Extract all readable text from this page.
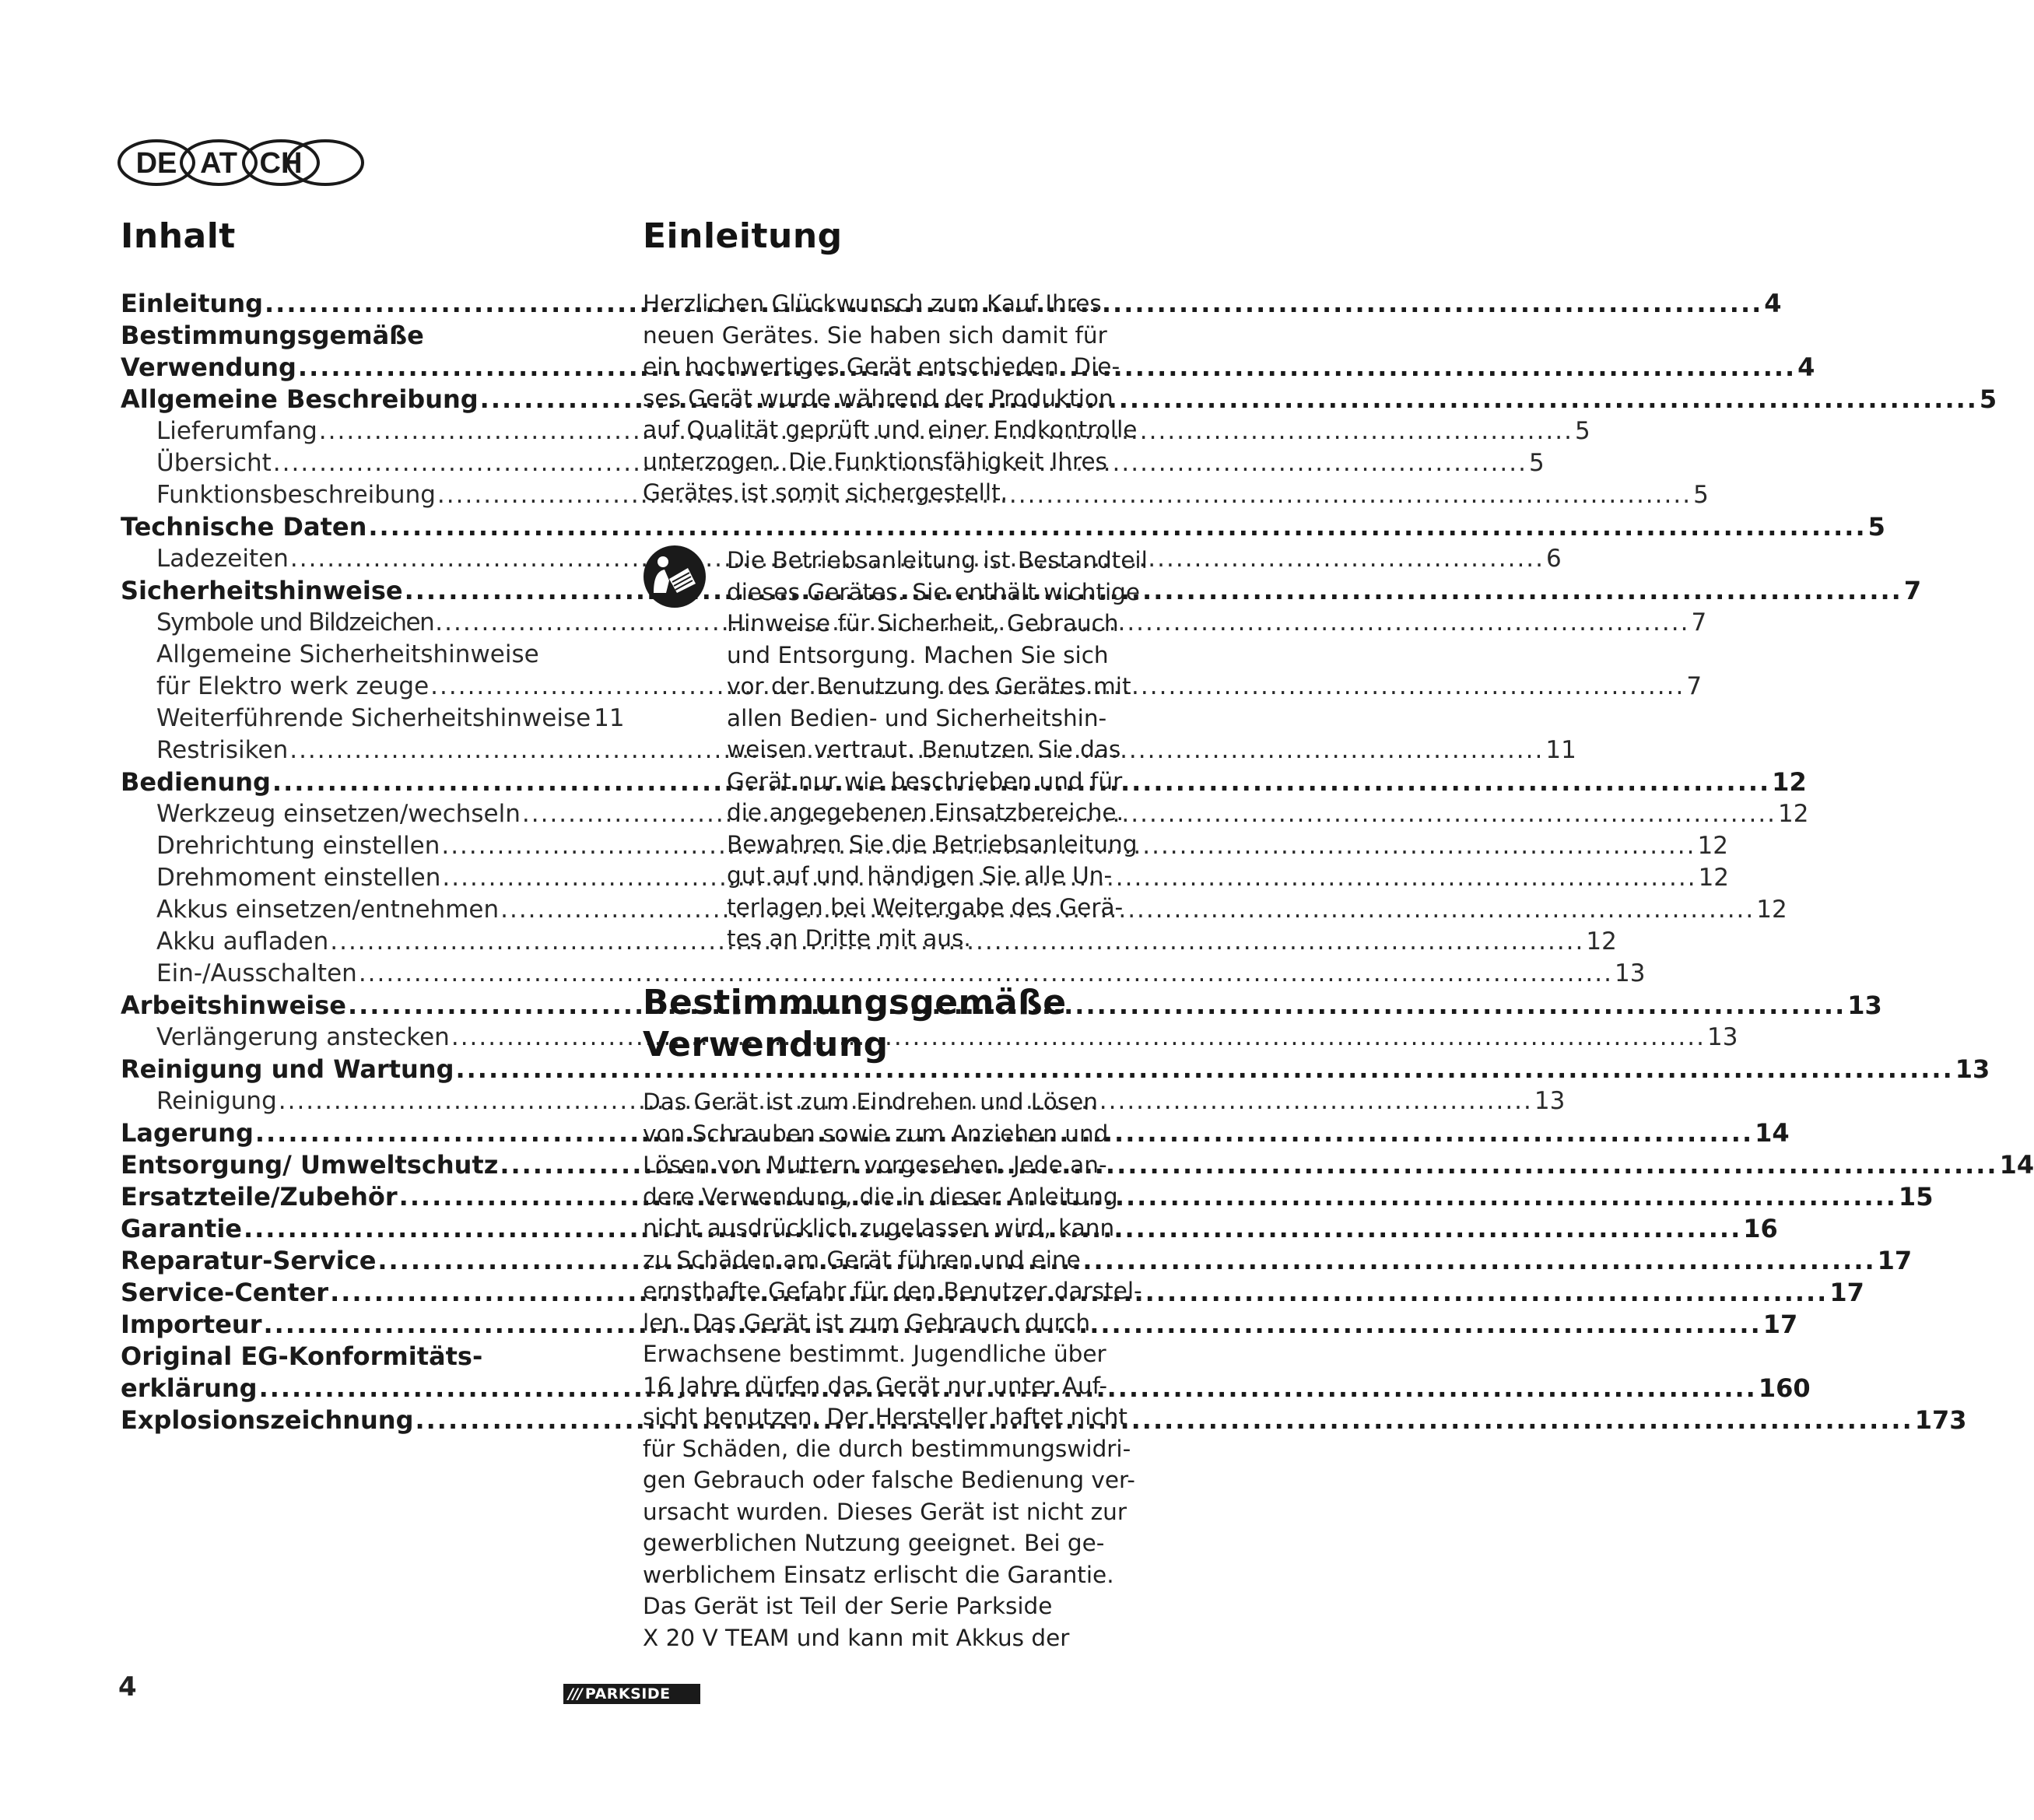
DE AT CH
Inhalt
Einleitung .....	4
Bestimmungsgemäße
Verwendung .....	4
Allgemeine Beschreibung .....	5
Lieferumfang .....	5
Übersicht .....	5
Funktionsbeschreibung .....	5
Technische Daten .....	5
Ladezeiten .....	6
Sicherheitshinweise .....	7
Symbole und Bildzeichen .....	7
Allgemeine Sicherheitshinweise
für Elektro werk zeuge .....	7
Weiterführende Sicherheitshinweise 11
Restrisiken .....	11
Bedienung .....	12
Werkzeug einsetzen/wechseln .....	12
Drehrichtung einstellen .....	12
Drehmoment einstellen .....	12
Akkus einsetzen/entnehmen .....	12
Akku aufladen .....	12
Ein-/Ausschalten .....	13
Arbeitshinweise .....	13
Verlängerung anstecken .....	13
Reinigung und Wartung .....	13
Reinigung .....	13
Lagerung .....	14
Entsorgung/ Umweltschutz .....	14
Ersatzteile/Zubehör .....	15
Garantie .....	16
Reparatur-Service .....	17
Service-Center .....	17
Importeur .....	17
Original EG-Konformitäts-
erklärung .....	160
Explosionszeichnung .....	173
Einleitung
Herzlichen Glückwunsch zum Kauf Ihres
neuen Gerätes. Sie haben sich damit für
ein hochwertiges Gerät entschieden. Die-
ses Gerät wurde während der Produktion
auf Qualität geprüft und einer Endkontrolle
unterzogen. Die Funktionsfähigkeit Ihres
Gerätes ist somit sichergestellt.
Die Betriebsanleitung ist Bestandteil
dieses Gerätes. Sie enthält wichtige
Hinweise für Sicherheit, Gebrauch
und Entsorgung. Machen Sie sich
vor der Benutzung des Gerätes mit
allen Bedien- und Sicherheitshin-
weisen vertraut. Benutzen Sie das
Gerät nur wie beschrieben und für
die angegebenen Einsatzbereiche.
Bewahren Sie die Betriebsanleitung
gut auf und händigen Sie alle Un-
terlagen bei Weitergabe des Gerä-
tes an Dritte mit aus.
Bestimmungsgemäße
Verwendung
Das Gerät ist zum Eindrehen und Lösen
von Schrauben sowie zum Anziehen und
Lösen von Muttern vorgesehen. Jede an-
dere Verwendung, die in dieser Anleitung
nicht ausdrücklich zugelassen wird, kann
zu Schäden am Gerät führen und eine
ernsthafte Gefahr für den Benutzer darstel-
len. Das Gerät ist zum Gebrauch durch
Erwachsene bestimmt. Jugendliche über
16 Jahre dürfen das Gerät nur unter Auf-
sicht benutzen. Der Hersteller haftet nicht
für Schäden, die durch bestimmungswidri-
gen Gebrauch oder falsche Bedienung ver-
ursacht wurden. Dieses Gerät ist nicht zur
gewerblichen Nutzung geeignet. Bei ge-
werblichem Einsatz erlischt die Garantie.
Das Gerät ist Teil der Serie Parkside
X 20 V TEAM und kann mit Akkus der
4	/// PARKSIDE
